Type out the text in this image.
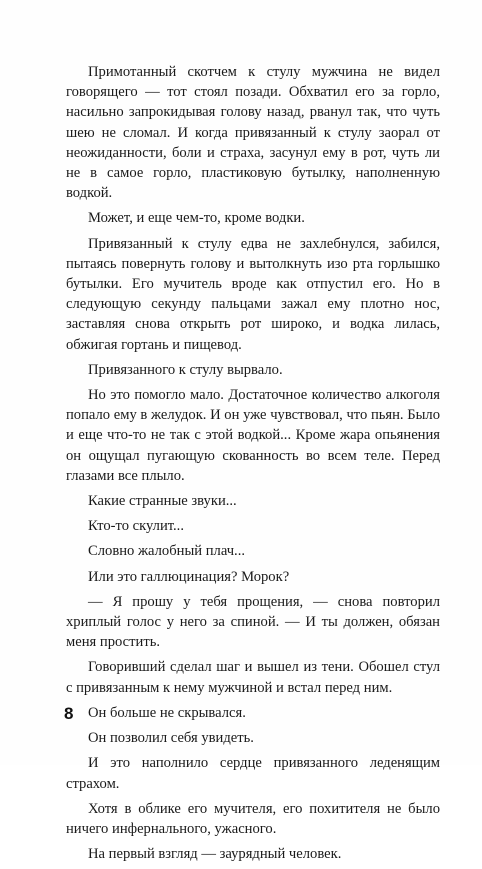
Примотанный скотчем к стулу мужчина не видел говорящего — тот стоял позади. Обхватил его за горло, насильно запрокидывая голову назад, рванул так, что чуть шею не сломал. И когда привязанный к стулу заорал от неожиданности, боли и страха, засунул ему в рот, чуть ли не в самое горло, пластиковую бутылку, наполненную водкой.

Может, и еще чем-то, кроме водки.

Привязанный к стулу едва не захлебнулся, забился, пытаясь повернуть голову и вытолкнуть изо рта горлышко бутылки. Его мучитель вроде как отпустил его. Но в следующую секунду пальцами зажал ему плотно нос, заставляя снова открыть рот широко, и водка лилась, обжигая гортань и пищевод.

Привязанного к стулу вырвало.

Но это помогло мало. Достаточное количество алкоголя попало ему в желудок. И он уже чувствовал, что пьян. Было и еще что-то не так с этой водкой... Кроме жара опьянения он ощущал пугающую скованность во всем теле. Перед глазами все плыло.

Какие странные звуки...

Кто-то скулит...

Словно жалобный плач...

Или это галлюцинация? Морок?

— Я прошу у тебя прощения, — снова повторил хриплый голос у него за спиной. — И ты должен, обязан меня простить.

Говоривший сделал шаг и вышел из тени. Обошел стул с привязанным к нему мужчиной и встал перед ним.

Он больше не скрывался.

Он позволил себя увидеть.

И это наполнило сердце привязанного леденящим страхом.

Хотя в облике его мучителя, его похитителя не было ничего инфернального, ужасного.

На первый взгляд — заурядный человек.

8
